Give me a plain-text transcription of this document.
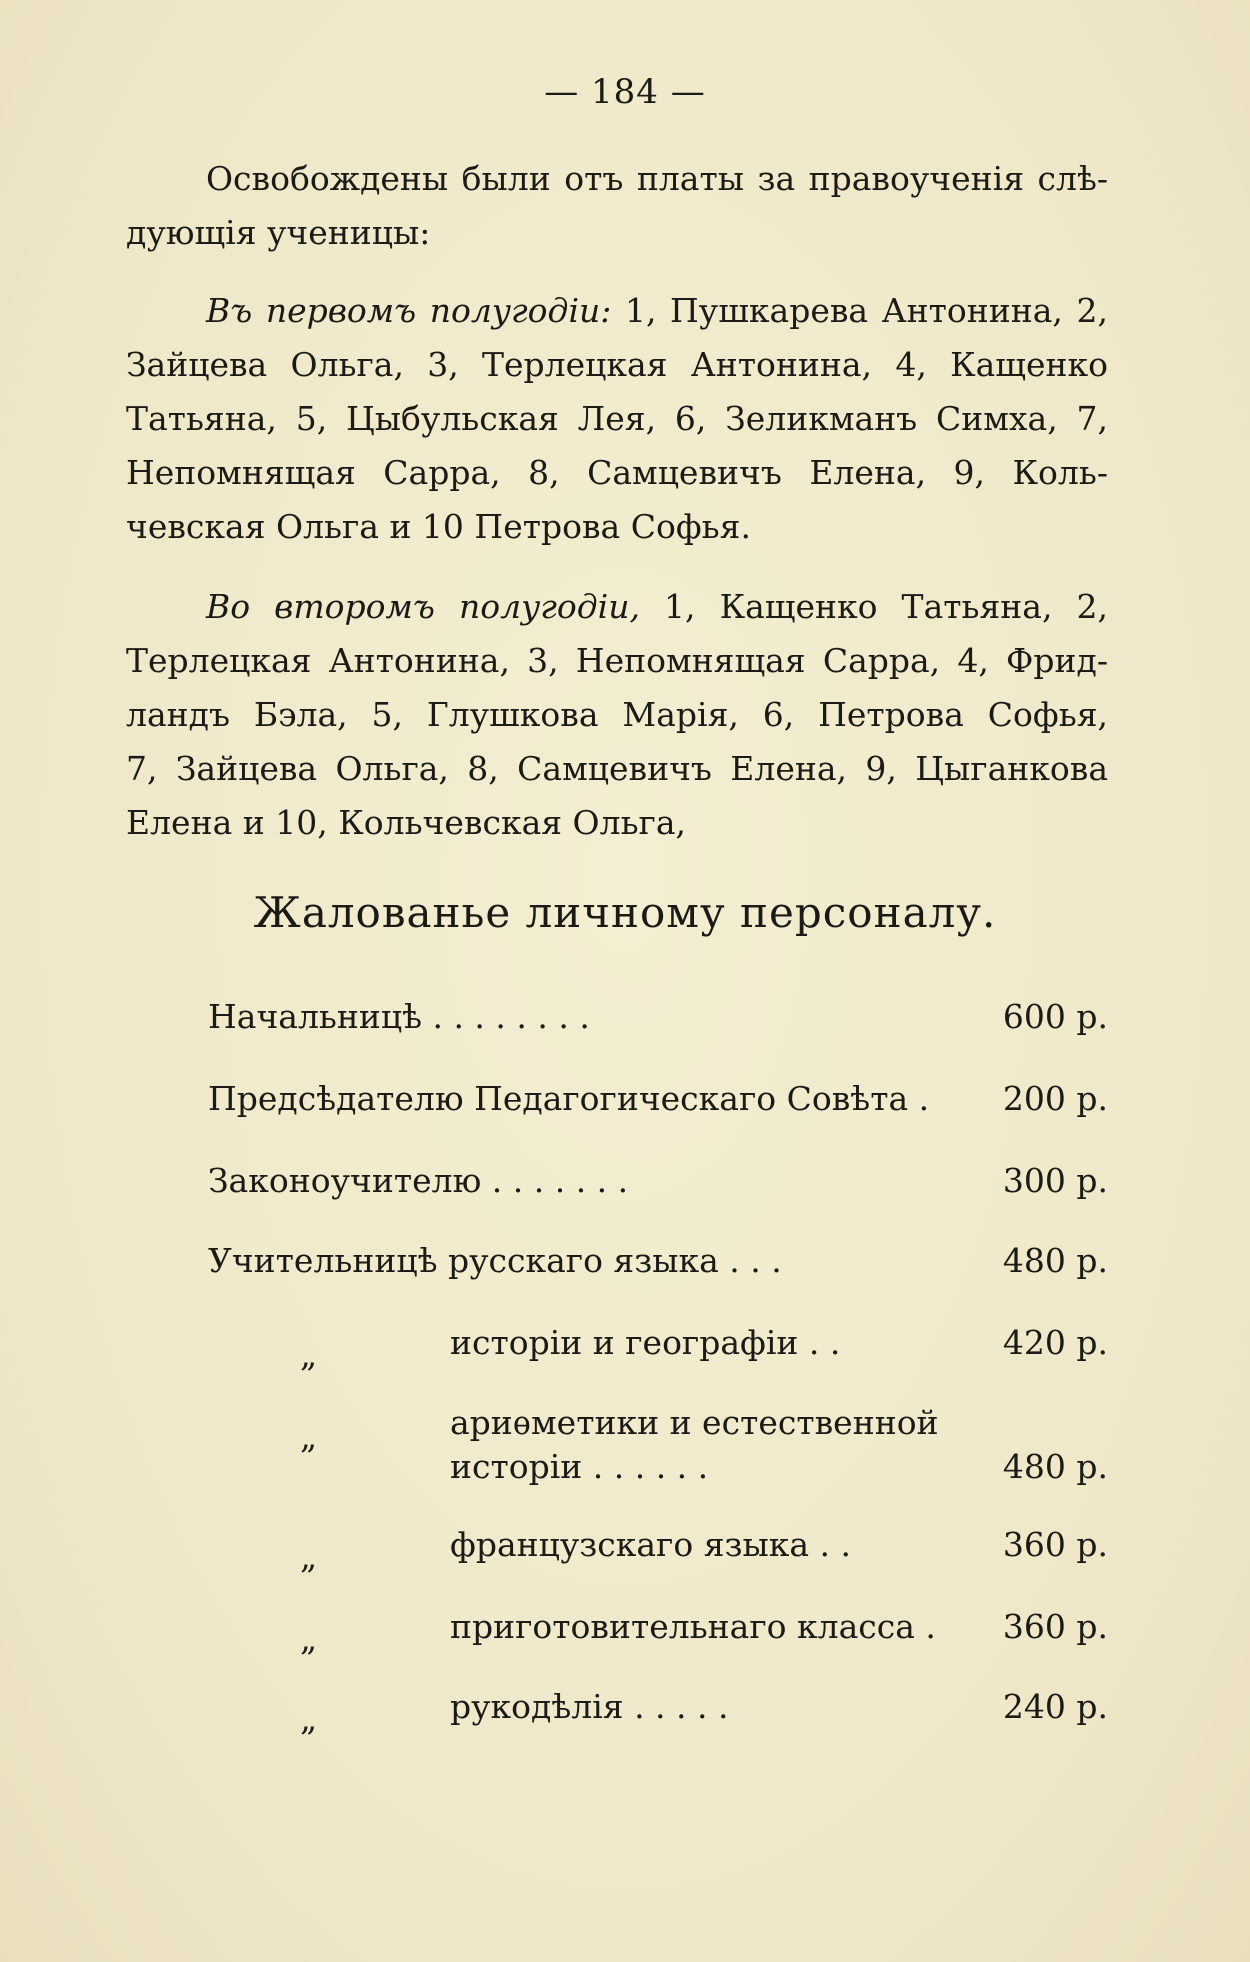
— 184 —
Освобождены были отъ платы за правоученія слѣ-
дующія ученицы:
Въ первомъ полугодіи: 1, Пушкарева Антонина, 2,
Зайцева Ольга, 3, Терлецкая Антонина, 4, Кащенко
Татьяна, 5, Цыбульская Лея, 6, Зеликманъ Симха, 7,
Непомнящая Сарра, 8, Самцевичъ Елена, 9, Коль-
чевская Ольга и 10 Петрова Софья.
Во второмъ полугодіи, 1, Кащенко Татьяна, 2,
Терлецкая Антонина, 3, Непомнящая Сарра, 4, Фрид-
ландъ Бэла, 5, Глушкова Марія, 6, Петрова Софья,
7, Зайцева Ольга, 8, Самцевичъ Елена, 9, Цыганкова
Елена и 10, Кольчевская Ольга,
Жалованье личному персоналу.
Начальницѣ . . . . . . . .	600 р.
Предсѣдателю Педагогическаго Совѣта . 200 р.
Законоучителю . . . . . . .	300 р.
Учительницѣ русскаго языка . . .	480 р.
„	исторіи и географіи . .	420 р.
„	ариѳметики и естественной
исторіи . . . . . .	480 р.
„	французскаго языка . .	360 р.
„	приготовительнаго класса . 360 р.
„	рукодѣлія . . . . .	240 р.
